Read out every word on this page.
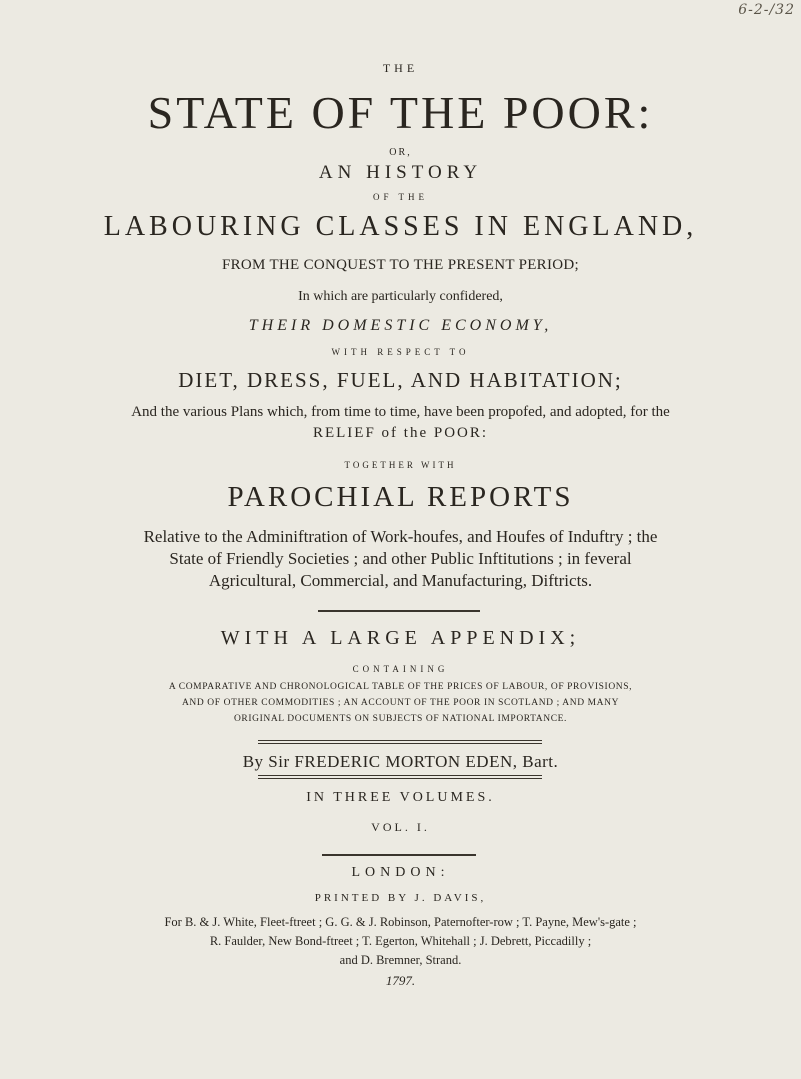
6-2-/32
THE
STATE OF THE POOR:
OR,
AN HISTORY
OF THE
LABOURING CLASSES IN ENGLAND,
FROM THE CONQUEST TO THE PRESENT PERIOD;
In which are particularly confidered,
THEIR DOMESTIC ECONOMY,
WITH RESPECT TO
DIET, DRESS, FUEL, AND HABITATION;
And the various Plans which, from time to time, have been propofed, and adopted, for the
RELIEF of the POOR:
TOGETHER WITH
PAROCHIAL REPORTS
Relative to the Adminiftration of Work-houfes, and Houfes of Induftry ; the
State of Friendly Societies ; and other Public Inftitutions ; in feveral
Agricultural, Commercial, and Manufacturing, Diftricts.
WITH A LARGE APPENDIX;
CONTAINING
A COMPARATIVE AND CHRONOLOGICAL TABLE OF THE PRICES OF LABOUR, OF PROVISIONS,
AND OF OTHER COMMODITIES ; AN ACCOUNT OF THE POOR IN SCOTLAND ; AND MANY
ORIGINAL DOCUMENTS ON SUBJECTS OF NATIONAL IMPORTANCE.
By Sir FREDERIC MORTON EDEN, Bart.
IN THREE VOLUMES.
VOL. I.
LONDON:
PRINTED BY J. DAVIS,
For B. & J. White, Fleet-ftreet ; G. G. & J. Robinson, Paternofter-row ; T. Payne, Mew's-gate ;
R. Faulder, New Bond-ftreet ; T. Egerton, Whitehall ; J. Debrett, Piccadilly ;
and D. Bremner, Strand.
1797.
